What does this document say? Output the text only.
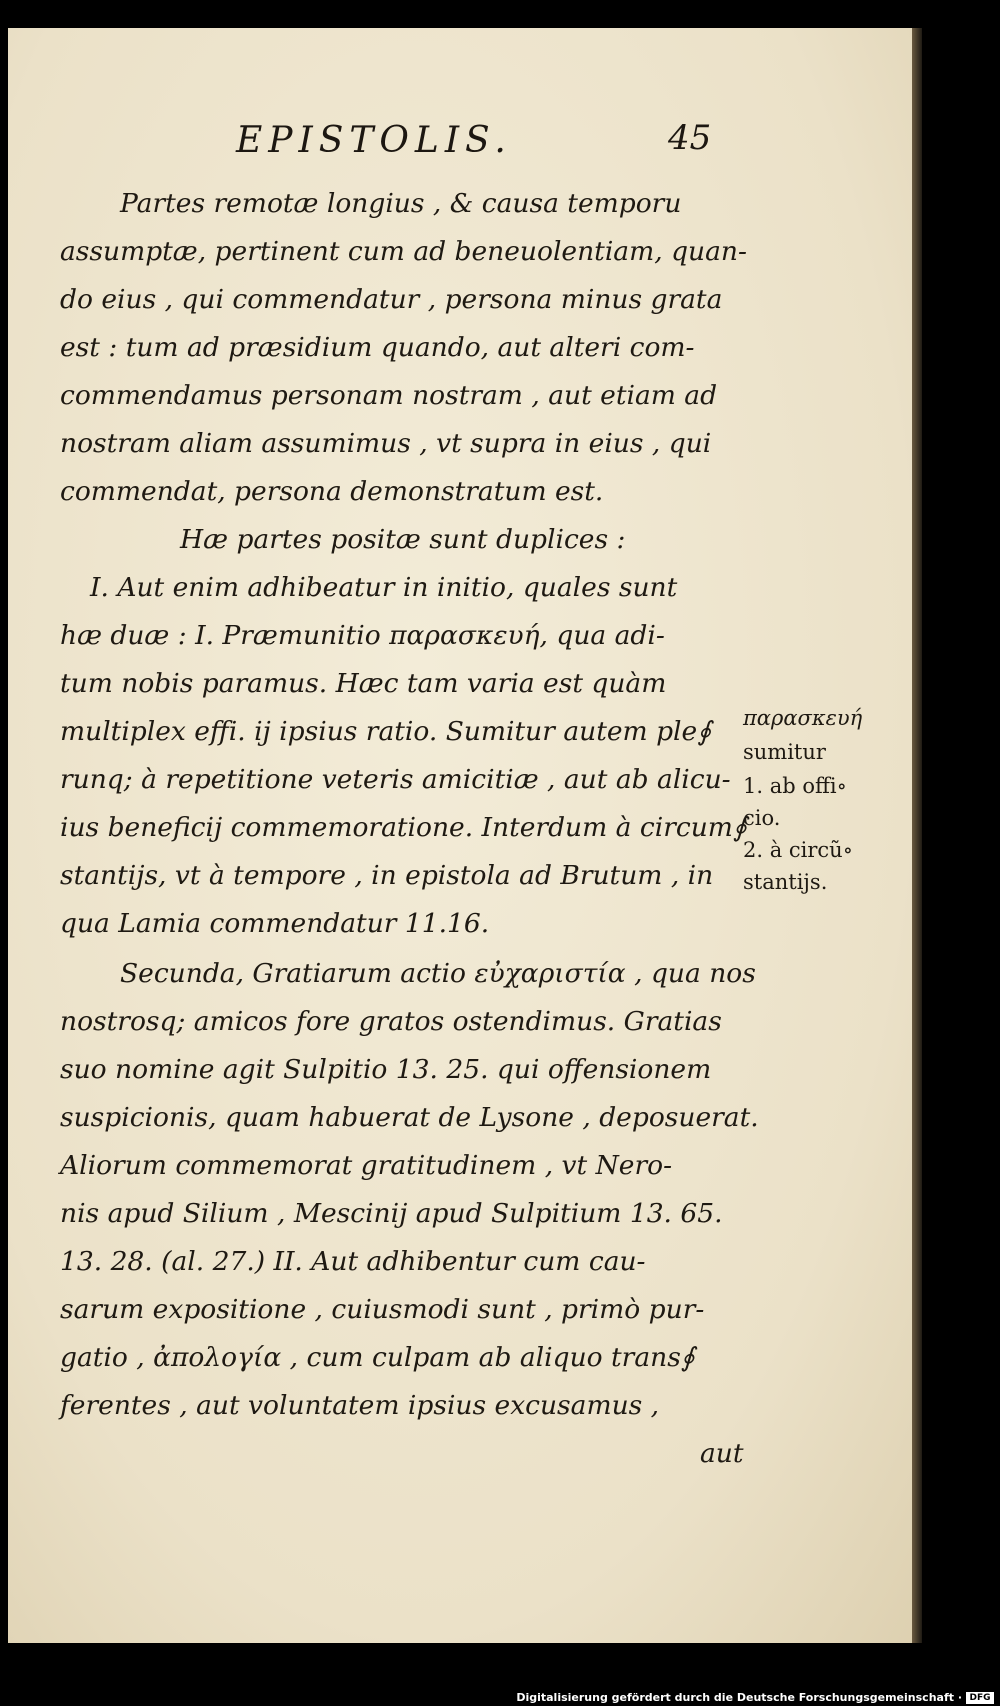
EPISTOLIS.	45
Partes remotæ longius , & causa temporu
assumptæ, pertinent cum ad beneuolentiam, quan-
do eius , qui commendatur , persona minus grata
est : tum ad præsidium quando, aut alteri com-
commendamus personam nostram , aut etiam ad
nostram aliam assumimus , vt supra in eius , qui
commendat, persona demonstratum est.
Hæ partes positæ sunt duplices :
I. Aut enim adhibeatur in initio, quales sunt
hæ duæ : I. Præmunitio παρασκευή, qua adi-
tum nobis paramus. Hæc tam varia est quàm
multiplex effi. ij ipsius ratio. Sumitur autem ple∮
runq; à repetitione veteris amicitiæ , aut ab alicu-
ius beneficij commemoratione. Interdum à circum∮
stantijs, vt à tempore , in epistola ad Brutum , in
qua Lamia commendatur 11.16.
Secunda, Gratiarum actio εὐχαριστία , qua nos
nostrosq; amicos fore gratos ostendimus. Gratias
suo nomine agit Sulpitio 13. 25. qui offensionem
suspicionis, quam habuerat de Lysone , deposuerat.
Aliorum commemorat gratitudinem , vt Nero-
nis apud Silium , Mescinij apud Sulpitium 13. 65.
13. 28. (al. 27.) II. Aut adhibentur cum cau-
sarum expositione , cuiusmodi sunt , primò pur-
gatio , ἀπολογία , cum culpam ab aliquo trans∮
ferentes , aut voluntatem ipsius excusamus ,
aut
παρασκευή
sumitur
1. ab offi∘
cio.
2. à circũ∘
stantijs.
Digitalisierung gefördert durch die Deutsche Forschungsgemeinschaft · DFG
